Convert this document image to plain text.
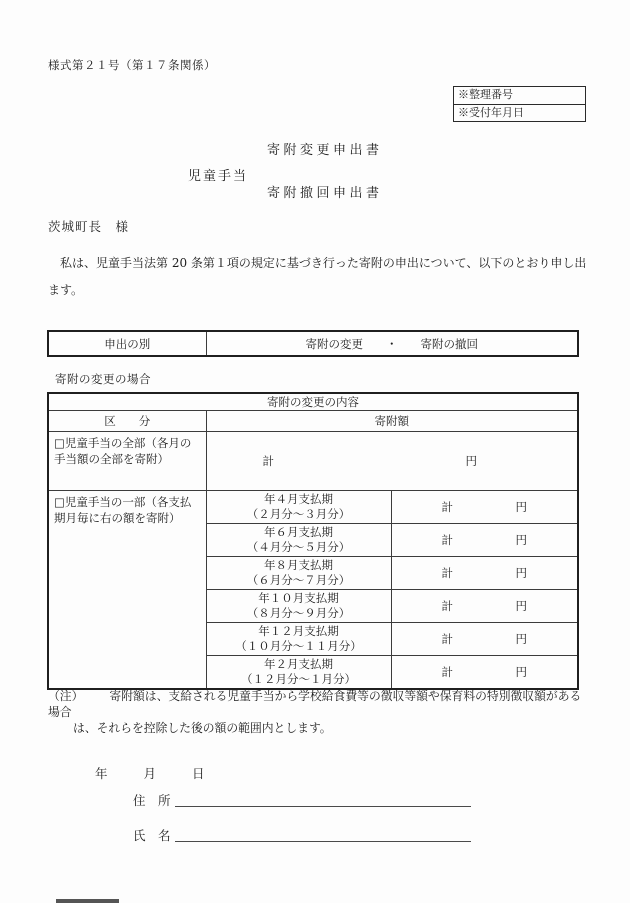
様式第２１号（第１７条関係）
※整理番号
※受付年月日
寄附変更申出書
児童手当
寄附撤回申出書
茨城町長　様
私は、児童手当法第 20 条第１項の規定に基づき行った寄附の申出について、以下のとおり申し出ます。
申出の別	寄附の変更　　・　　寄附の撤回
寄附の変更の場合
寄附の変更の内容		
区　　分	寄附額	
□児童手当の全部（各月の手当額の全部を寄附）	計 円	

□児童手当の一部（各支払期月毎に右の額を寄附）	
年４月支払期
（２月分～３月分）	計	円

年６月支払期
（４月分～５月分）	計	円

年８月支払期
（６月分～７月分）	計	円

年１０月支払期
（８月分～９月分）	計	円

年１２月支払期
（１０月分～１１月分）	計	円

年２月支払期
（１２月分～１月分）	計	円
（注） 寄附額は、支給される児童手当から学校給食費等の徴収等額や保育料の特別徴収額がある場合
は、それらを控除した後の額の範囲内とします。
年	月	日
住　所
氏　名
